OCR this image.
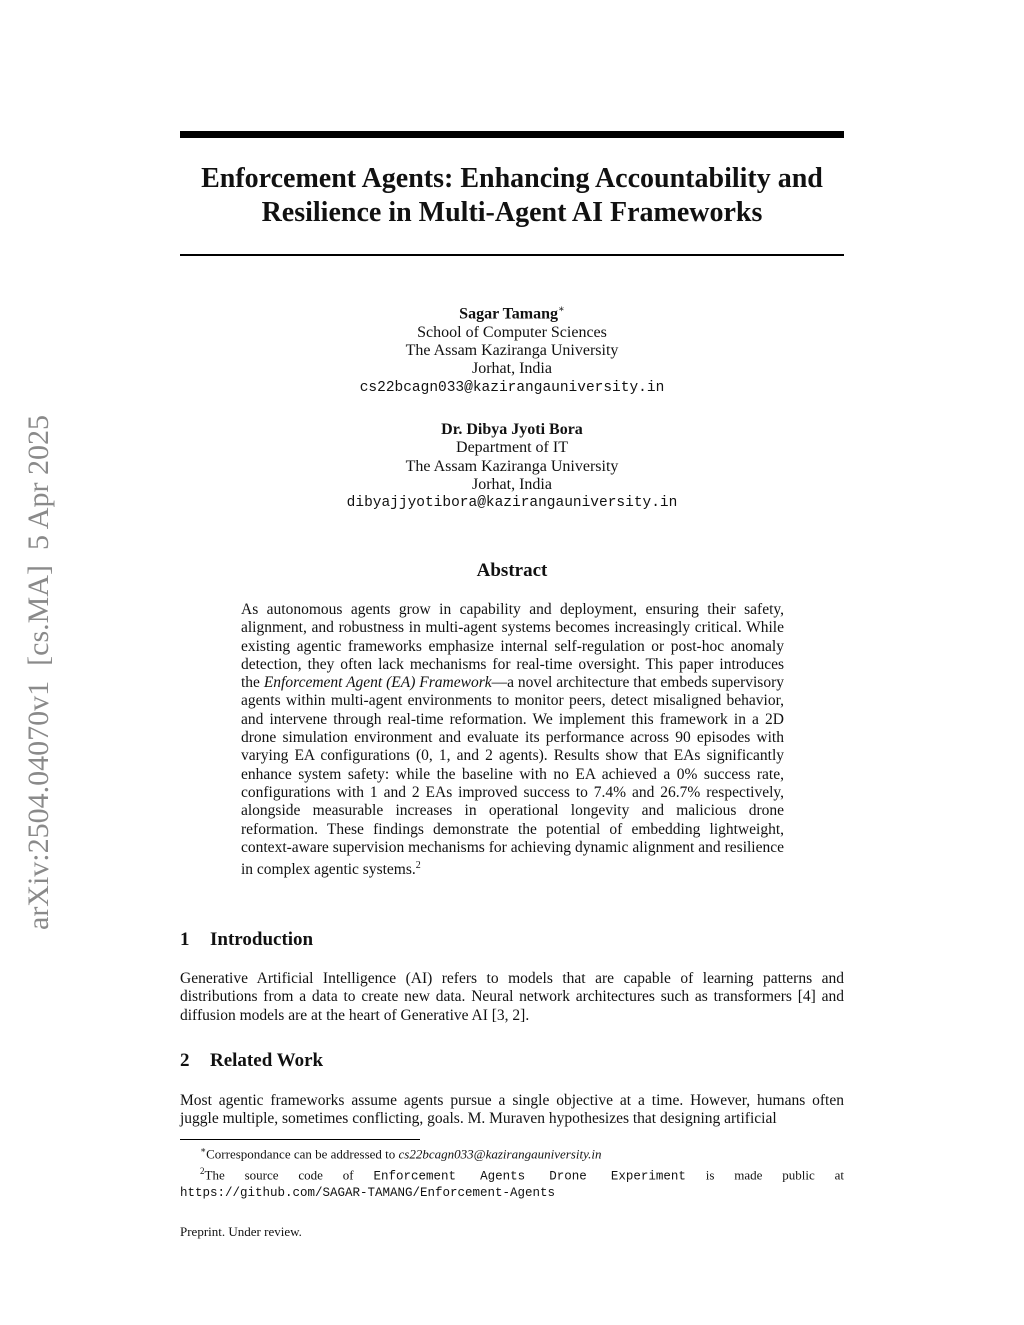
arXiv:2504.04070v1  [cs.MA]  5 Apr 2025
Enforcement Agents: Enhancing Accountability and
Resilience in Multi-Agent AI Frameworks
Sagar Tamang∗
School of Computer Sciences
The Assam Kaziranga University
Jorhat, India
cs22bcagn033@kazirangauniversity.in
Dr. Dibya Jyoti Bora
Department of IT
The Assam Kaziranga University
Jorhat, India
dibyajjyotibora@kazirangauniversity.in
Abstract

As autonomous agents grow in capability and deployment, ensuring their safety, alignment, and robustness in multi-agent systems becomes increasingly critical. While existing agentic frameworks emphasize internal self-regulation or post-hoc anomaly detection, they often lack mechanisms for real-time oversight. This paper introduces the Enforcement Agent (EA) Framework—a novel architecture that embeds supervisory agents within multi-agent environments to monitor peers, detect misaligned behavior, and intervene through real-time reformation. We implement this framework in a 2D drone simulation environment and evaluate its performance across 90 episodes with varying EA configurations (0, 1, and 2 agents). Results show that EAs significantly enhance system safety: while the baseline with no EA achieved a 0% success rate, configurations with 1 and 2 EAs improved success to 7.4% and 26.7% respectively, alongside measurable increases in operational longevity and malicious drone reformation. These findings demonstrate the potential of embedding lightweight, context-aware supervision mechanisms for achieving dynamic alignment and resilience in complex agentic systems.$^2$

1 Introduction

Generative Artificial Intelligence (AI) refers to models that are capable of learning patterns and distributions from a data to create new data. Neural network architectures such as transformers [4] and diffusion models are at the heart of Generative AI [3, 2].

2 Related Work

Most agentic frameworks assume agents pursue a single objective at a time. However, humans often juggle multiple, sometimes conflicting, goals. M. Muraven hypothesizes that designing artificial

∗Correspondance can be addressed to cs22bcagn033@kazirangauniversity.in

$^2$The source code of Enforcement Agents Drone Experiment is made public at

https://github.com/SAGAR-TAMANG/Enforcement-Agents

Preprint. Under review.
